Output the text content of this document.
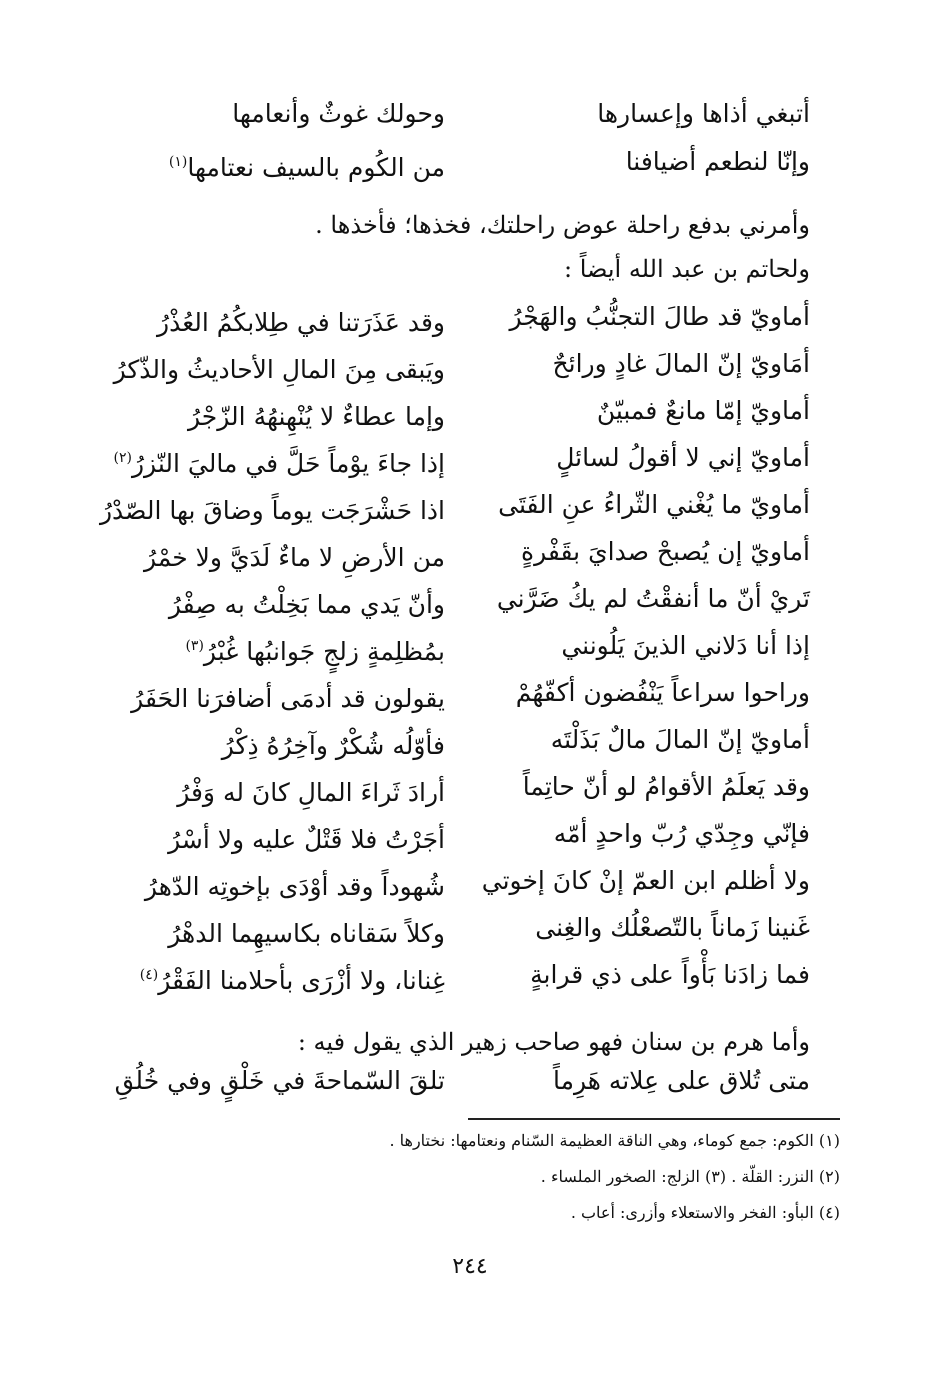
أتبغي أذاها وإعسارها
وحولك غوثٌ وأنعامها
وإنّا لنطعم أضيافنا
من الكُوم بالسيف نعتامها$^{(١)}$
وأمرني بدفع راحلة عوض راحلتك، فخذها؛ فأخذها .
ولحاتم بن عبد الله أيضاً :
أماويّ قد طالَ التجنُّبُ والهَجْرُ
وقد عَذَرَتنا في طِلابكُمُ العُذْرُ
أمَاويّ إنّ المالَ غادٍ ورائحٌ
ويَبقى مِنَ المالِ الأحاديثُ والذّكرُ
أماويّ إمّا مانعٌ فمبيّنٌ
وإما عطاءٌ لا يُنْهِنهُهُ الزّجْرُ
أماويّ إني لا أقولُ لسائلٍ
إذا جاءَ يوْماً حَلَّ في ماليَ النّزرُ$^{(٢)}$
أماويّ ما يُغْني الثّراءُ عنِ الفَتَى
اذا حَشْرَجَت يوماً وضاقَ بها الصّدْرُ
أماويّ إن يُصبحْ صدايَ بقَفْرةٍ
من الأرضِ لا ماءٌ لَدَيَّ ولا خمْرُ
تَريْ أنّ ما أنفقْتُ لم يكُ ضَرَّني
وأنّ يَدي مما بَخِلْتُ به صِفْرُ
إذا أنا دَلاني الذينَ يَلُونني
بمُظلِمةٍ زلجٍ جَوانبُها غُبْرُ$^{(٣)}$
وراحوا سراعاً يَنْفُضون أكفّهُمْ
يقولون قد أدمَى أضافرَنا الحَفَرُ
أماويّ إنّ المالَ مالٌ بَذَلْتَه
فأوّلُه شُكْرٌ وآخِرُهُ ذِكْرُ
وقد يَعلَمُ الأقوامُ لو أنّ حاتِماً
أرادَ ثَراءَ المالِ كانَ له وَفْرُ
فإنّي وجِدّي رُبّ واحدٍ أمّه
أجَرْتُ فلا قَتْلٌ عليه ولا أسْرُ
ولا أظلم ابن العمّ إنْ كانَ إخوتي
شُهوداً وقد أوْدَى بإخوتِه الدّهرُ
غَنينا زَماناً بالتّصعْلُك والغِنى
وكلاً سَقاناه بكاسيهِما الدهْرُ
فما زادَنا بَأْواً على ذي قرابةٍ
غِنانا، ولا أزْرَى بأحلامنا الفَقْرُ$^{(٤)}$
وأما هرم بن سنان فهو صاحب زهير الذي يقول فيه :
متى تُلاق على عِلاته هَرِماً
تلقَ السّماحةَ في خَلْقٍ وفي خُلُقِ
(١) الكوم: جمع كوماء، وهي الناقة العظيمة السّنام ونعتامها: نختارها .
(٢) النزر: القلّة . (٣) الزلج: الصخور الملساء .
(٤) البأو: الفخر والاستعلاء وأزرى: أعاب .
٢٤٤
